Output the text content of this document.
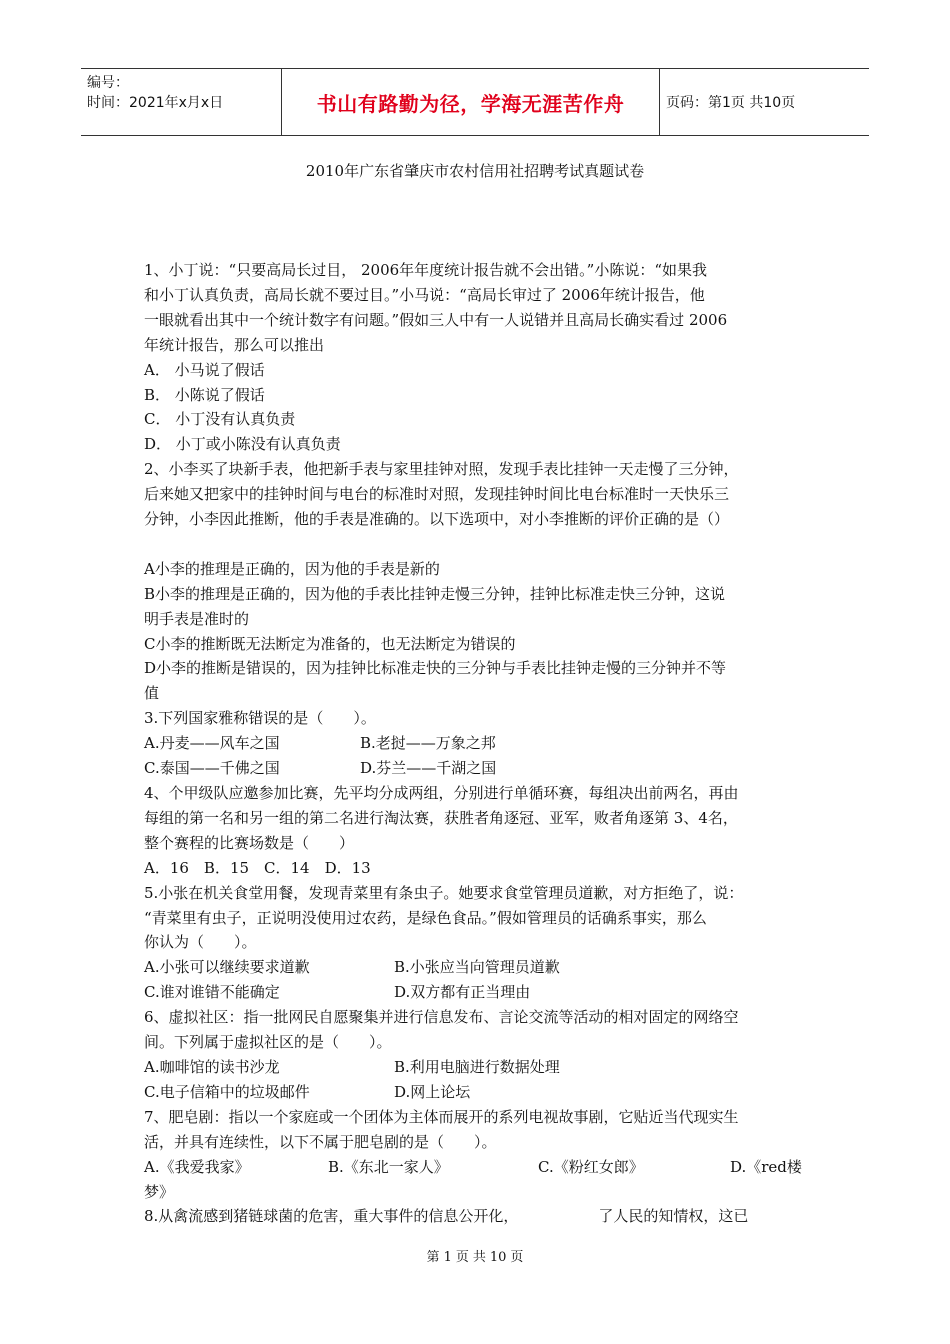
编号：
时间：2021年x月x日	书山有路勤为径，学海无涯苦作舟	页码：第1页 共10页
2010年广东省肇庆市农村信用社招聘考试真题试卷

1、小丁说：“只要高局长过目， 2006年年度统计报告就不会出错。”小陈说：“如果我

和小丁认真负责，高局长就不要过目。”小马说：“高局长审过了 2006年统计报告，他

一眼就看出其中一个统计数字有问题。”假如三人中有一人说错并且高局长确实看过 2006

年统计报告，那么可以推出

A． 小马说了假话

B． 小陈说了假话

C． 小丁没有认真负责

D． 小丁或小陈没有认真负责

2、小李买了块新手表，他把新手表与家里挂钟对照，发现手表比挂钟一天走慢了三分钟，

后来她又把家中的挂钟时间与电台的标准时对照，发现挂钟时间比电台标准时一天快乐三

分钟，小李因此推断，他的手表是准确的。以下选项中，对小李推断的评价正确的是（）

A小李的推理是正确的，因为他的手表是新的

B小李的推理是正确的，因为他的手表比挂钟走慢三分钟，挂钟比标准走快三分钟，这说

明手表是准时的

C小李的推断既无法断定为准备的，也无法断定为错误的

D小李的推断是错误的，因为挂钟比标准走快的三分钟与手表比挂钟走慢的三分钟并不等

值

3.下列国家雅称错误的是（　　）。

A.丹麦——风车之国	B.老挝——万象之邦
C.泰国——千佛之国	D.芬兰——千湖之国

4、个甲级队应邀参加比赛，先平均分成两组，分别进行单循环赛，每组决出前两名，再由

每组的第一名和另一组的第二名进行淘汰赛，获胜者角逐冠、亚军，败者角逐第 3、4名，

整个赛程的比赛场数是（　　）

A．16　B．15　C．14　D．13

5.小张在机关食堂用餐，发现青菜里有条虫子。她要求食堂管理员道歉，对方拒绝了，说：

“青菜里有虫子，正说明没使用过农药，是绿色食品。”假如管理员的话确系事实，那么

你认为（　　）。

A.小张可以继续要求道歉	B.小张应当向管理员道歉
C.谁对谁错不能确定	D.双方都有正当理由

6、虚拟社区：指一批网民自愿聚集并进行信息发布、言论交流等活动的相对固定的网络空

间。下列属于虚拟社区的是（　　）。

A.咖啡馆的读书沙龙	B.利用电脑进行数据处理
C.电子信箱中的垃圾邮件	D.网上论坛

7、肥皂剧：指以一个家庭或一个团体为主体而展开的系列电视故事剧，它贴近当代现实生

活，并具有连续性，以下不属于肥皂剧的是（　　）。

A.《我爱我家》	B.《东北一家人》	C.《粉红女郎》	D.《red楼

梦》

8.从禽流感到猪链球菌的危害，重大事件的信息公开化，	了人民的知情权，这已

第 1 页 共 10 页
